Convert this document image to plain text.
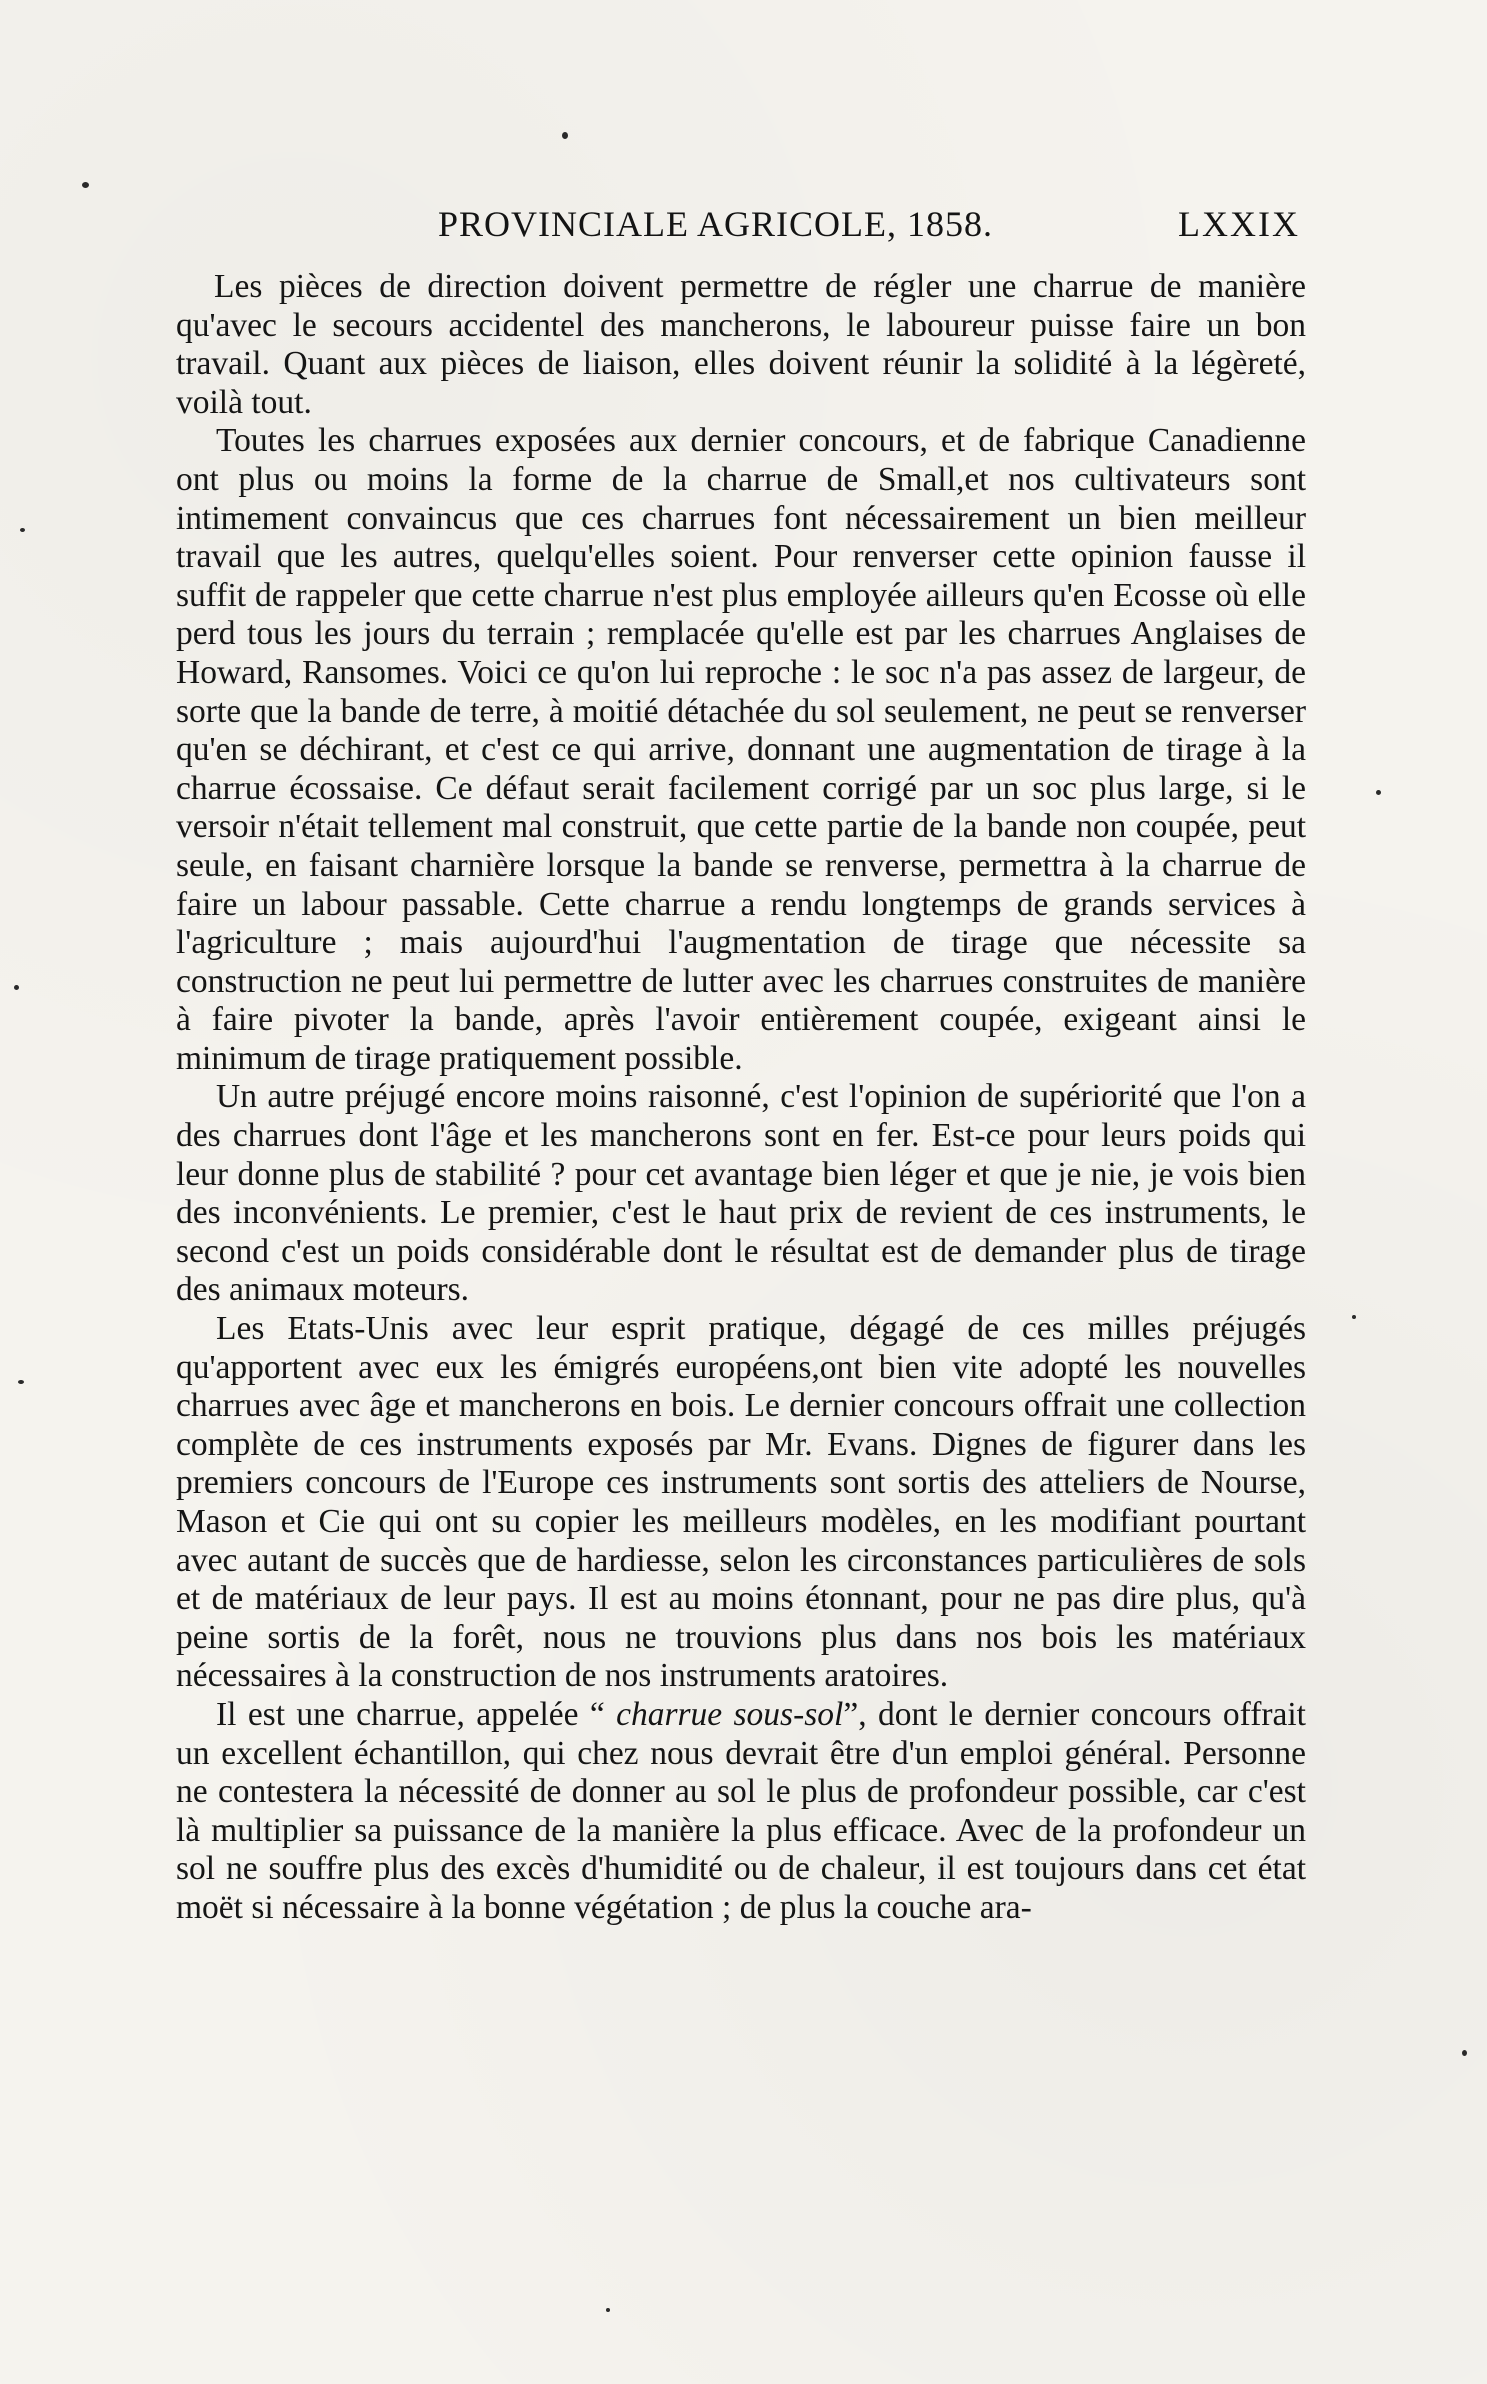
PROVINCIALE AGRICOLE, 1858.	LXXIX

Les pièces de direction doivent permettre de régler une charrue de manière qu'avec le secours accidentel des mancherons, le laboureur puisse faire un bon travail. Quant aux pièces de liaison, elles doivent réunir la solidité à la légèreté, voilà tout.

Toutes les charrues exposées aux dernier concours, et de fabrique Canadienne ont plus ou moins la forme de la charrue de Small,et nos cultivateurs sont intimement convaincus que ces charrues font nécessairement un bien meilleur travail que les autres, quelqu'elles soient. Pour renverser cette opinion fausse il suffit de rappeler que cette charrue n'est plus employée ailleurs qu'en Ecosse où elle perd tous les jours du terrain ; remplacée qu'elle est par les charrues Anglaises de Howard, Ransomes. Voici ce qu'on lui reproche : le soc n'a pas assez de largeur, de sorte que la bande de terre, à moitié détachée du sol seulement, ne peut se renverser qu'en se déchirant, et c'est ce qui arrive, donnant une augmentation de tirage à la charrue écossaise. Ce défaut serait facilement corrigé par un soc plus large, si le versoir n'était tellement mal construit, que cette partie de la bande non coupée, peut seule, en faisant charnière lorsque la bande se renverse, permettra à la charrue de faire un labour passable. Cette charrue a rendu longtemps de grands services à l'agriculture ; mais aujourd'hui l'augmentation de tirage que nécessite sa construction ne peut lui permettre de lutter avec les charrues construites de manière à faire pivoter la bande, après l'avoir entièrement coupée, exigeant ainsi le minimum de tirage pratiquement possible.

Un autre préjugé encore moins raisonné, c'est l'opinion de supériorité que l'on a des charrues dont l'âge et les mancherons sont en fer. Est-ce pour leurs poids qui leur donne plus de stabilité ? pour cet avantage bien léger et que je nie, je vois bien des inconvénients. Le premier, c'est le haut prix de revient de ces instruments, le second c'est un poids considérable dont le résultat est de demander plus de tirage des animaux moteurs.

Les Etats-Unis avec leur esprit pratique, dégagé de ces milles préjugés qu'apportent avec eux les émigrés européens,ont bien vite adopté les nouvelles charrues avec âge et mancherons en bois. Le dernier concours offrait une collection complète de ces instruments exposés par Mr. Evans. Dignes de figurer dans les premiers concours de l'Europe ces instruments sont sortis des atteliers de Nourse, Mason et Cie qui ont su copier les meilleurs modèles, en les modifiant pourtant avec autant de succès que de hardiesse, selon les circonstances particulières de sols et de matériaux de leur pays. Il est au moins étonnant, pour ne pas dire plus, qu'à peine sortis de la forêt, nous ne trouvions plus dans nos bois les matériaux nécessaires à la construction de nos instruments aratoires.

Il est une charrue, appelée “ charrue sous-sol”, dont le dernier concours offrait un excellent échantillon, qui chez nous devrait être d'un emploi général. Personne ne contestera la nécessité de donner au sol le plus de profondeur possible, car c'est là multiplier sa puissance de la manière la plus efficace. Avec de la profondeur un sol ne souffre plus des excès d'humidité ou de chaleur, il est toujours dans cet état moët si nécessaire à la bonne végétation ; de plus la couche ara-
